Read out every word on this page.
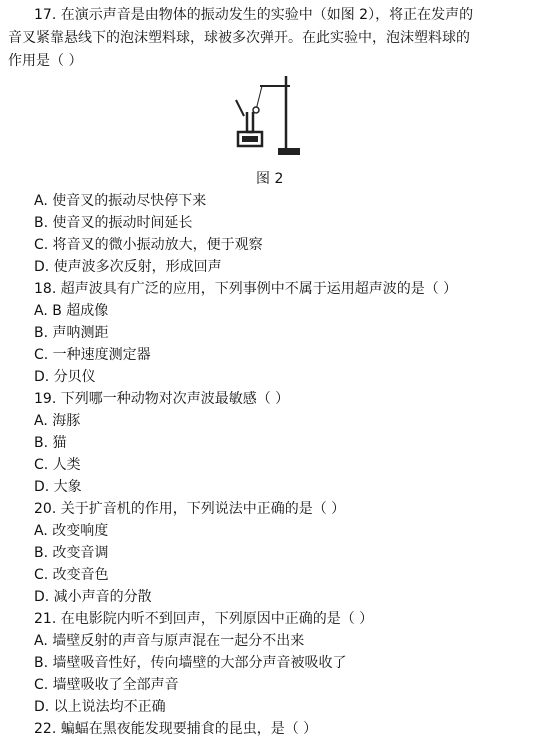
17. 在演示声音是由物体的振动发生的实验中（如图 2），将正在发声的
音叉紧靠悬线下的泡沫塑料球，球被多次弹开。在此实验中，泡沫塑料球的
作用是（ ）
图 2
A. 使音叉的振动尽快停下来
B. 使音叉的振动时间延长
C. 将音叉的微小振动放大，便于观察
D. 使声波多次反射，形成回声
18. 超声波具有广泛的应用，下列事例中不属于运用超声波的是（ ）
A. B 超成像
B. 声呐测距
C. 一种速度测定器
D. 分贝仪
19. 下列哪一种动物对次声波最敏感（ ）
A. 海豚
B. 猫
C. 人类
D. 大象
20. 关于扩音机的作用，下列说法中正确的是（ ）
A. 改变响度
B. 改变音调
C. 改变音色
D. 减小声音的分散
21. 在电影院内听不到回声，下列原因中正确的是（ ）
A. 墙壁反射的声音与原声混在一起分不出来
B. 墙壁吸音性好，传向墙壁的大部分声音被吸收了
C. 墙壁吸收了全部声音
D. 以上说法均不正确
22. 蝙蝠在黑夜能发现要捕食的昆虫，是（ ）
